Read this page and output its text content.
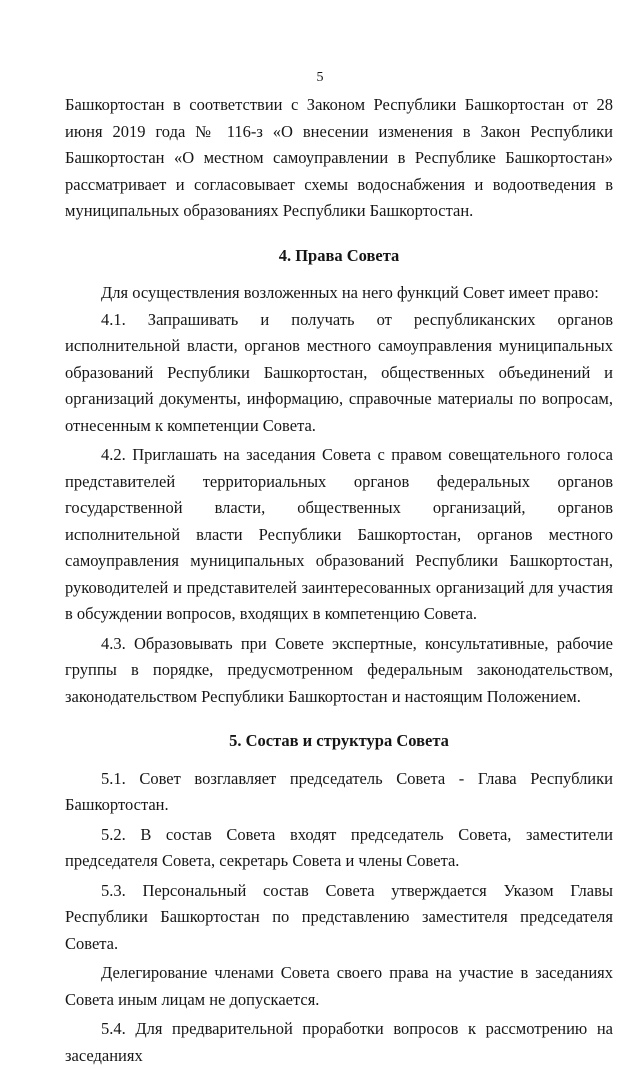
5

Башкортостан в соответствии с Законом Республики Башкортостан от 28 июня 2019 года № 116-з «О внесении изменения в Закон Республики Башкортостан «О местном самоуправлении в Республике Башкортостан» рассматривает и согласовывает схемы водоснабжения и водоотведения в муниципальных образованиях Республики Башкортостан.

4. Права Совета

Для осуществления возложенных на него функций Совет имеет право:

4.1. Запрашивать и получать от республиканских органов исполнительной власти, органов местного самоуправления муниципальных образований Республики Башкортостан, общественных объединений и организаций документы, информацию, справочные материалы по вопросам, отнесенным к компетенции Совета.

4.2. Приглашать на заседания Совета с правом совещательного голоса представителей территориальных органов федеральных органов государственной власти, общественных организаций, органов исполнительной власти Республики Башкортостан, органов местного самоуправления муниципальных образований Республики Башкортостан, руководителей и представителей заинтересованных организаций для участия в обсуждении вопросов, входящих в компетенцию Совета.

4.3. Образовывать при Совете экспертные, консультативные, рабочие группы в порядке, предусмотренном федеральным законодательством, законодательством Республики Башкортостан и настоящим Положением.

5. Состав и структура Совета

5.1. Совет возглавляет председатель Совета - Глава Республики Башкортостан.

5.2. В состав Совета входят председатель Совета, заместители председателя Совета, секретарь Совета и члены Совета.

5.3. Персональный состав Совета утверждается Указом Главы Республики Башкортостан по представлению заместителя председателя Совета.

Делегирование членами Совета своего права на участие в заседаниях Совета иным лицам не допускается.

5.4. Для предварительной проработки вопросов к рассмотрению на заседаниях
